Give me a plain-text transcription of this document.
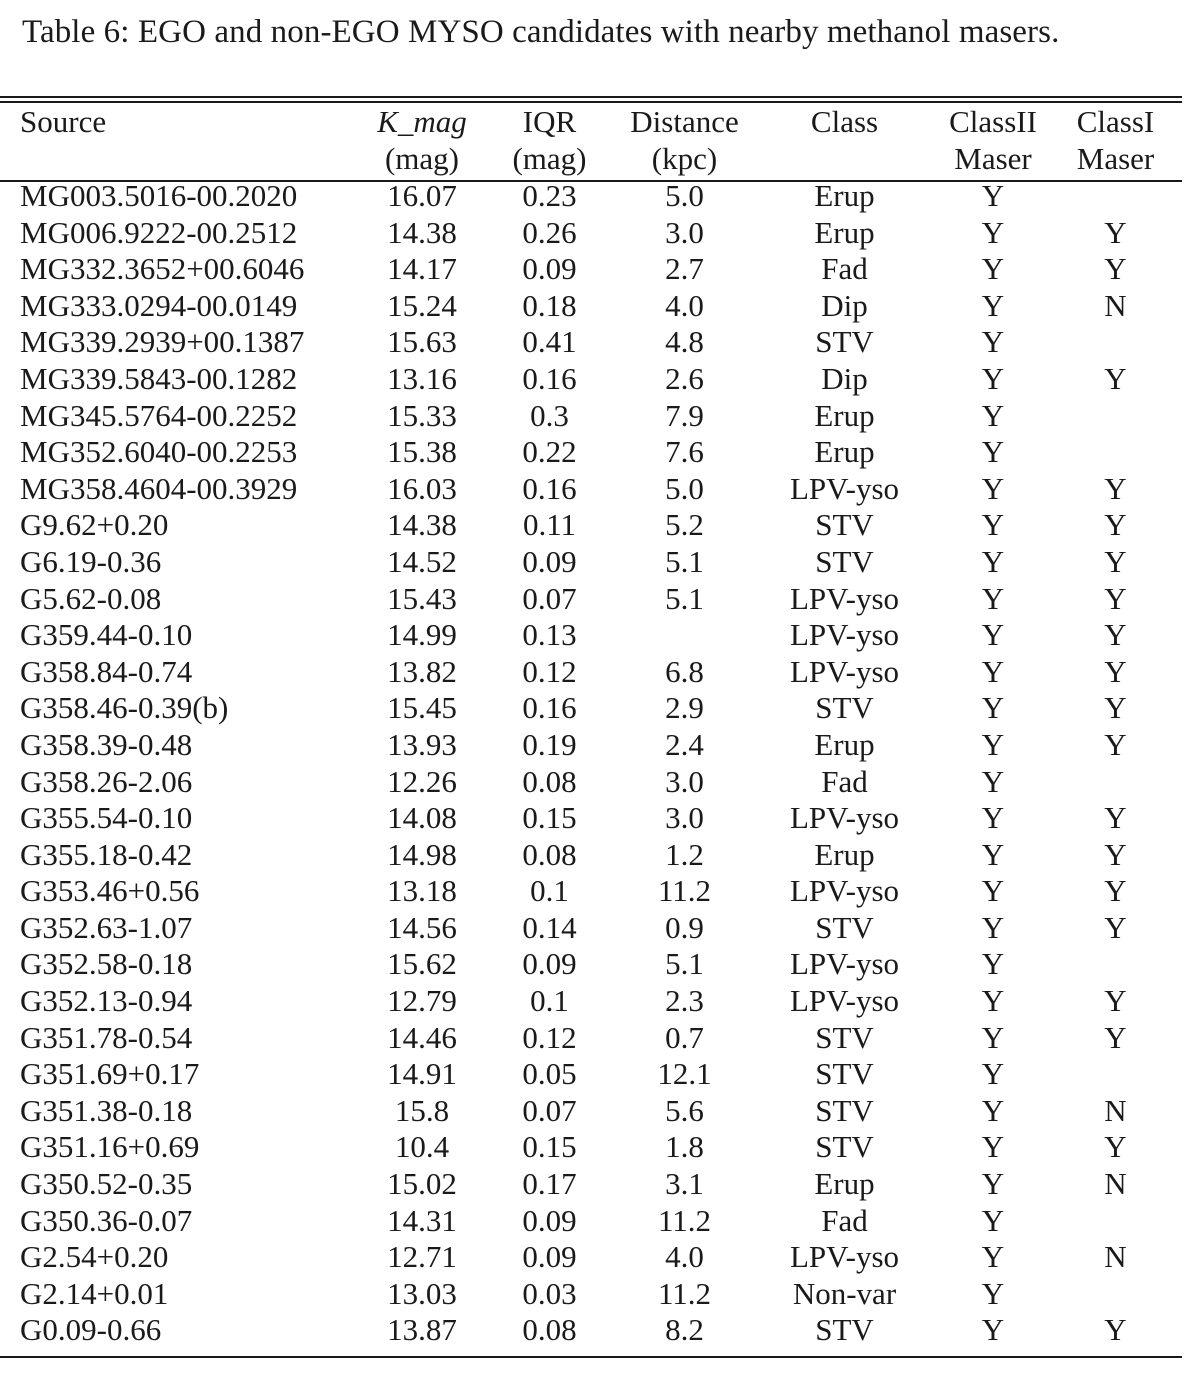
Table 6: EGO and non-EGO MYSO candidates with nearby methanol masers.
Source	K_mag	IQR	Distance	Class	ClassII	ClassI
	(mag)	(mag)	(kpc)		Maser	Maser
MG003.5016-00.2020	16.07	0.23	5.0	Erup	Y	
MG006.9222-00.2512	14.38	0.26	3.0	Erup	Y	Y
MG332.3652+00.6046	14.17	0.09	2.7	Fad	Y	Y
MG333.0294-00.0149	15.24	0.18	4.0	Dip	Y	N
MG339.2939+00.1387	15.63	0.41	4.8	STV	Y	
MG339.5843-00.1282	13.16	0.16	2.6	Dip	Y	Y
MG345.5764-00.2252	15.33	0.3	7.9	Erup	Y	
MG352.6040-00.2253	15.38	0.22	7.6	Erup	Y	
MG358.4604-00.3929	16.03	0.16	5.0	LPV-yso	Y	Y
G9.62+0.20	14.38	0.11	5.2	STV	Y	Y
G6.19-0.36	14.52	0.09	5.1	STV	Y	Y
G5.62-0.08	15.43	0.07	5.1	LPV-yso	Y	Y
G359.44-0.10	14.99	0.13		LPV-yso	Y	Y
G358.84-0.74	13.82	0.12	6.8	LPV-yso	Y	Y
G358.46-0.39(b)	15.45	0.16	2.9	STV	Y	Y
G358.39-0.48	13.93	0.19	2.4	Erup	Y	Y
G358.26-2.06	12.26	0.08	3.0	Fad	Y	
G355.54-0.10	14.08	0.15	3.0	LPV-yso	Y	Y
G355.18-0.42	14.98	0.08	1.2	Erup	Y	Y
G353.46+0.56	13.18	0.1	11.2	LPV-yso	Y	Y
G352.63-1.07	14.56	0.14	0.9	STV	Y	Y
G352.58-0.18	15.62	0.09	5.1	LPV-yso	Y	
G352.13-0.94	12.79	0.1	2.3	LPV-yso	Y	Y
G351.78-0.54	14.46	0.12	0.7	STV	Y	Y
G351.69+0.17	14.91	0.05	12.1	STV	Y	
G351.38-0.18	15.8	0.07	5.6	STV	Y	N
G351.16+0.69	10.4	0.15	1.8	STV	Y	Y
G350.52-0.35	15.02	0.17	3.1	Erup	Y	N
G350.36-0.07	14.31	0.09	11.2	Fad	Y	
G2.54+0.20	12.71	0.09	4.0	LPV-yso	Y	N
G2.14+0.01	13.03	0.03	11.2	Non-var	Y	
G0.09-0.66	13.87	0.08	8.2	STV	Y	Y
